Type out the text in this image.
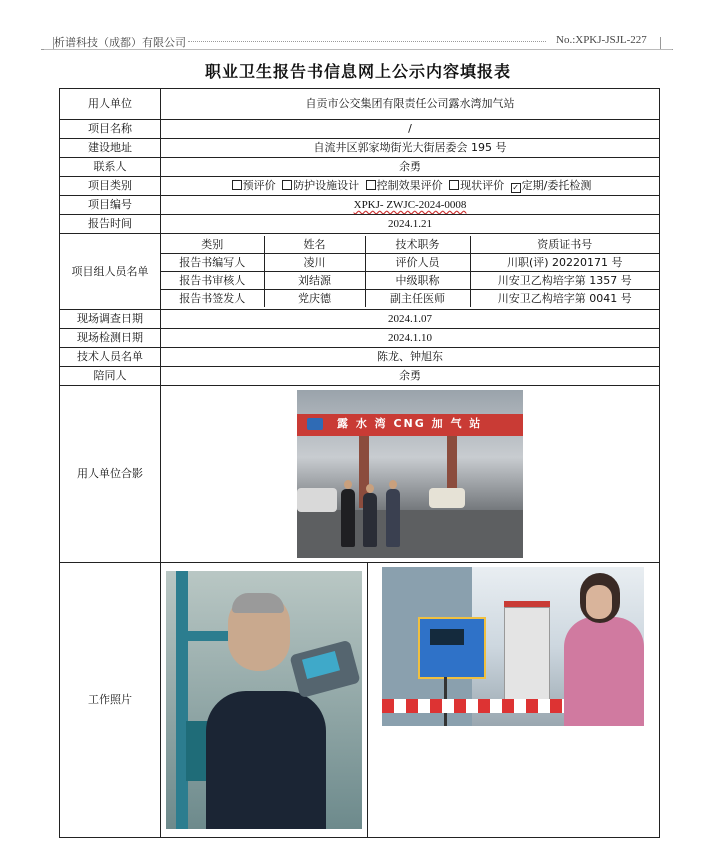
析谱科技（成都）有限公司	No.:XPKJ-JSJL-227
职业卫生报告书信息网上公示内容填报表
用人单位	自贡市公交集团有限责任公司露水湾加气站
项目名称	/
建设地址	自流井区郭家坳街光大街居委会 195 号
联系人	余勇
项目类别	预评价 防护设施设计 控制效果评价 现状评价 ✓ 定期/委托检测
项目编号	XPKJ- ZWJC-2024-0008
报告时间	2024.1.21
项目组人员名单	
类别	姓名	技术职务	资质证书号
报告书编写人	凌川	评价人员	川职(评) 20220171 号
报告书审核人	刘结源	中级职称	川安卫乙构培字第 1357 号
报告书签发人	党庆德	副主任医师	川安卫乙构培字第 0041 号

现场调查日期	2024.1.07
现场检测日期	2024.1.10
技术人员名单	陈龙、钟旭东
陪同人	余勇
用人单位合影	
露 水 湾 CNG 加 气 站

工作照片	
